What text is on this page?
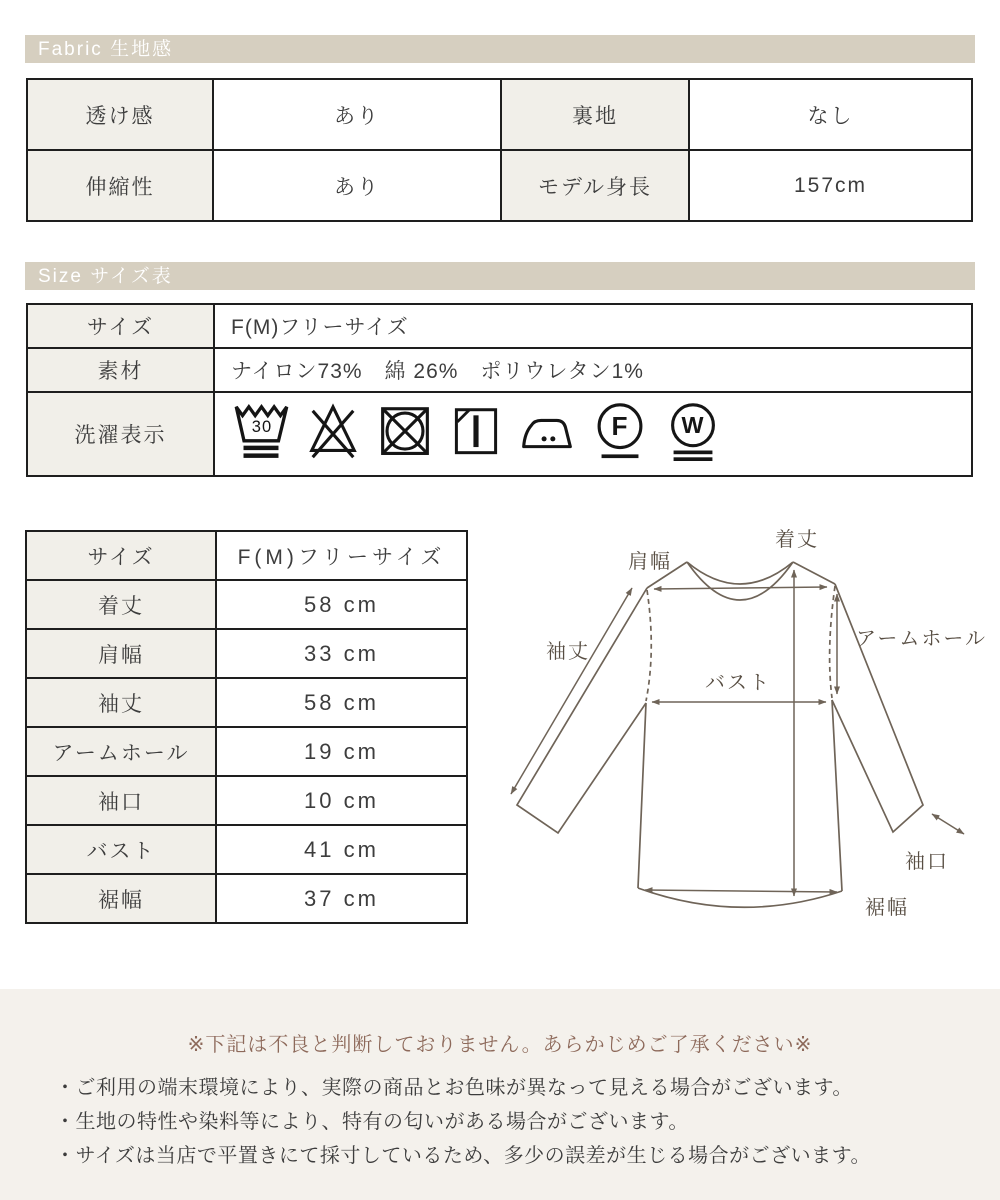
Fabric 生地感
透け感	あり	裏地	なし
伸縮性	あり	モデル身長	157cm
Size サイズ表
サイズ	F(M)フリーサイズ
素材	ナイロン73%　綿 26%　ポリウレタン1%
洗濯表示	30	F W
サイズ	F(M)フリーサイズ
着丈	58 cm
肩幅	33 cm
袖丈	58 cm
アームホール	19 cm
袖口	10 cm
バスト	41 cm
裾幅	37 cm
肩幅
着丈
袖丈
アームホール
バスト
袖口
裾幅
※下記は不良と判断しておりません。あらかじめご了承ください※
・ご利用の端末環境により、実際の商品とお色味が異なって見える場合がございます。
・生地の特性や染料等により、特有の匂いがある場合がございます。
・サイズは当店で平置きにて採寸しているため、多少の誤差が生じる場合がございます。
